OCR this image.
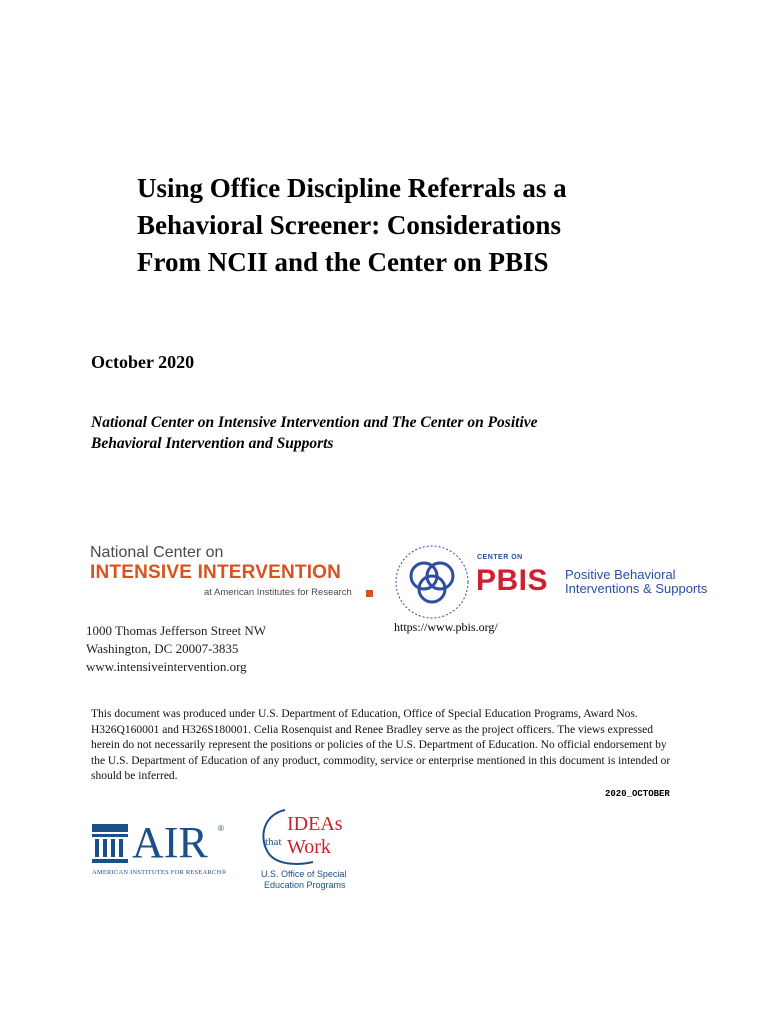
Using Office Discipline Referrals as a
Behavioral Screener: Considerations
From NCII and the Center on PBIS
October 2020
National Center on Intensive Intervention and The Center on Positive
Behavioral Intervention and Supports
National Center on
INTENSIVE INTERVENTION
at American Institutes for Research
CENTER ON
PBIS Positive Behavioral
Interventions & Supports
https://www.pbis.org/
1000 Thomas Jefferson Street NW
Washington, DC 20007-3835
www.intensiveintervention.org
This document was produced under U.S. Department of Education, Office of Special Education Programs, Award Nos. H326Q160001 and H326S180001. Celia Rosenquist and Renee Bradley serve as the project officers. The views expressed herein do not necessarily represent the positions or policies of the U.S. Department of Education. No official endorsement by the U.S. Department of Education of any product, commodity, service or enterprise mentioned in this document is intended or should be inferred.
2020_OCTOBER
AIR ®
AMERICAN INSTITUTES FOR RESEARCH®
IDEAs
that Work
U.S. Office of Special
Education Programs
